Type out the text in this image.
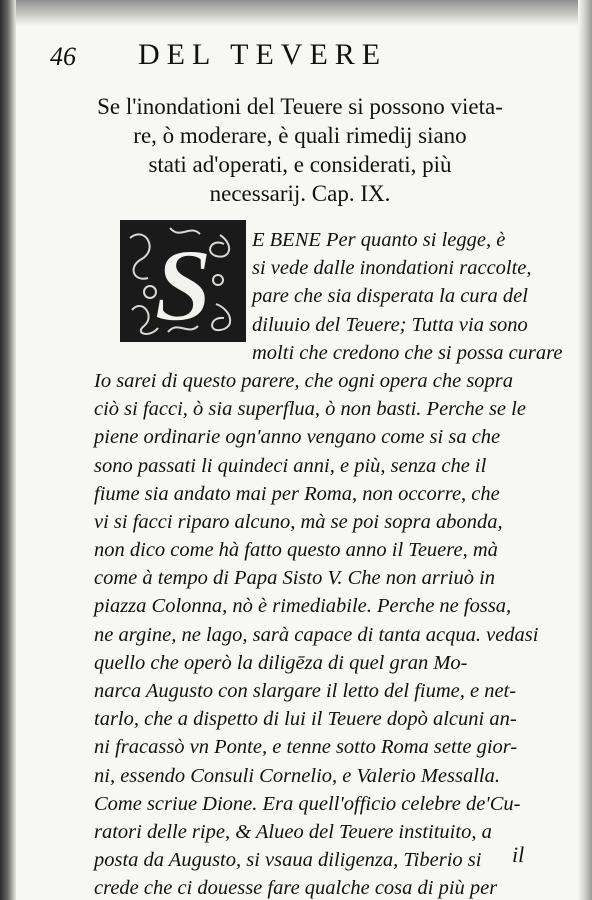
46 DEL TEVERE
Se l'inondationi del Teuere si possono vieta-
re, ò moderare, è quali rimedij siano
stati ad'operati, e considerati, più
necessarij. Cap. IX.
S	E BENE Per quanto si legge, è
si vede dalle inondationi raccolte,
pare che sia disperata la cura del
diluuio del Teuere; Tutta via sono
molti che credono che si possa curare
Io sarei di questo parere, che ogni opera che sopra
ciò si facci, ò sia superflua, ò non basti. Perche se le
piene ordinarie ogn'anno vengano come si sa che
sono passati li quindeci anni, e più, senza che il
fiume sia andato mai per Roma, non occorre, che
vi si facci riparo alcuno, mà se poi sopra abonda,
non dico come hà fatto questo anno il Teuere, mà
come à tempo di Papa Sisto V. Che non arriuò in
piazza Colonna, nò è rimediabile. Perche ne fossa,
ne argine, ne lago, sarà capace di tanta acqua. vedasi
quello che operò la diligēza di quel gran Mo-
narca Augusto con slargare il letto del fiume, e net-
tarlo, che a dispetto di lui il Teuere dopò alcuni an-
ni fracassò vn Ponte, e tenne sotto Roma sette gior-
ni, essendo Consuli Cornelio, e Valerio Messalla.
Come scriue Dione. Era quell'officio celebre de'Cu-
ratori delle ripe, & Alueo del Teuere instituito, a
posta da Augusto, si vsaua diligenza, Tiberio si
crede che ci douesse fare qualche cosa di più per
il
